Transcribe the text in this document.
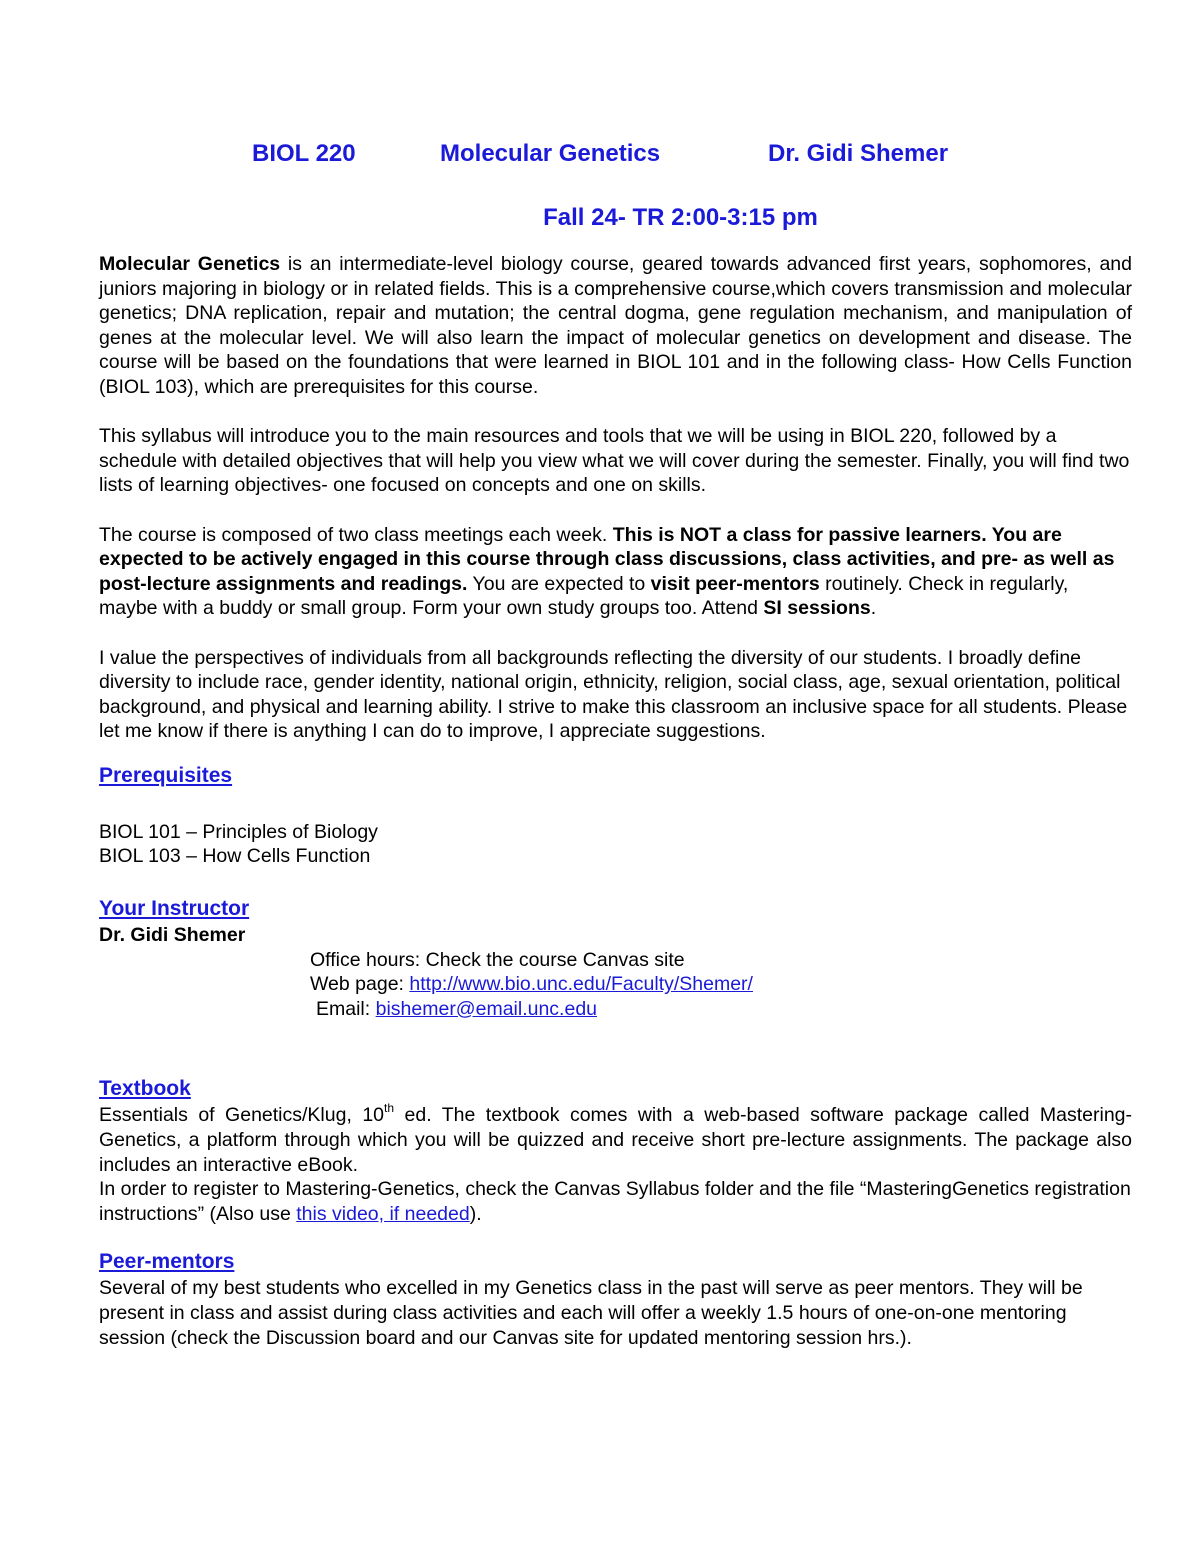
BIOL 220	Molecular Genetics	Dr. Gidi Shemer
Fall 24- TR 2:00-3:15 pm

Molecular Genetics is an intermediate-level biology course, geared towards advanced first years, sophomores, and juniors majoring in biology or in related fields. This is a comprehensive course,which covers transmission and molecular genetics; DNA replication, repair and mutation; the central dogma, gene regulation mechanism, and manipulation of genes at the molecular level. We will also learn the impact of molecular genetics on development and disease. The course will be based on the foundations that were learned in BIOL 101 and in the following class- How Cells Function (BIOL 103), which are prerequisites for this course.

This syllabus will introduce you to the main resources and tools that we will be using in BIOL 220, followed by a schedule with detailed objectives that will help you view what we will cover during the semester. Finally, you will find two lists of learning objectives- one focused on concepts and one on skills.

The course is composed of two class meetings each week. This is NOT a class for passive learners. You are expected to be actively engaged in this course through class discussions, class activities, and pre- as well as post-lecture assignments and readings. You are expected to visit peer-mentors routinely. Check in regularly, maybe with a buddy or small group. Form your own study groups too. Attend SI sessions.

I value the perspectives of individuals from all backgrounds reflecting the diversity of our students. I broadly define diversity to include race, gender identity, national origin, ethnicity, religion, social class, age, sexual orientation, political background, and physical and learning ability. I strive to make this classroom an inclusive space for all students. Please let me know if there is anything I can do to improve, I appreciate suggestions.

Prerequisites

BIOL 101 – Principles of Biology

BIOL 103 – How Cells Function

Your Instructor

Dr. Gidi Shemer

Office hours: Check the course Canvas site

Web page: http://www.bio.unc.edu/Faculty/Shemer/

Email: bishemer@email.unc.edu

Textbook

Essentials of Genetics/Klug, 10th ed. The textbook comes with a web-based software package called Mastering-Genetics, a platform through which you will be quizzed and receive short pre-lecture assignments. The package also includes an interactive eBook.

In order to register to Mastering-Genetics, check the Canvas Syllabus folder and the file “MasteringGenetics registration instructions” (Also use this video, if needed).

Peer-mentors

Several of my best students who excelled in my Genetics class in the past will serve as peer mentors. They will be present in class and assist during class activities and each will offer a weekly 1.5 hours of one-on-one mentoring session (check the Discussion board and our Canvas site for updated mentoring session hrs.).
